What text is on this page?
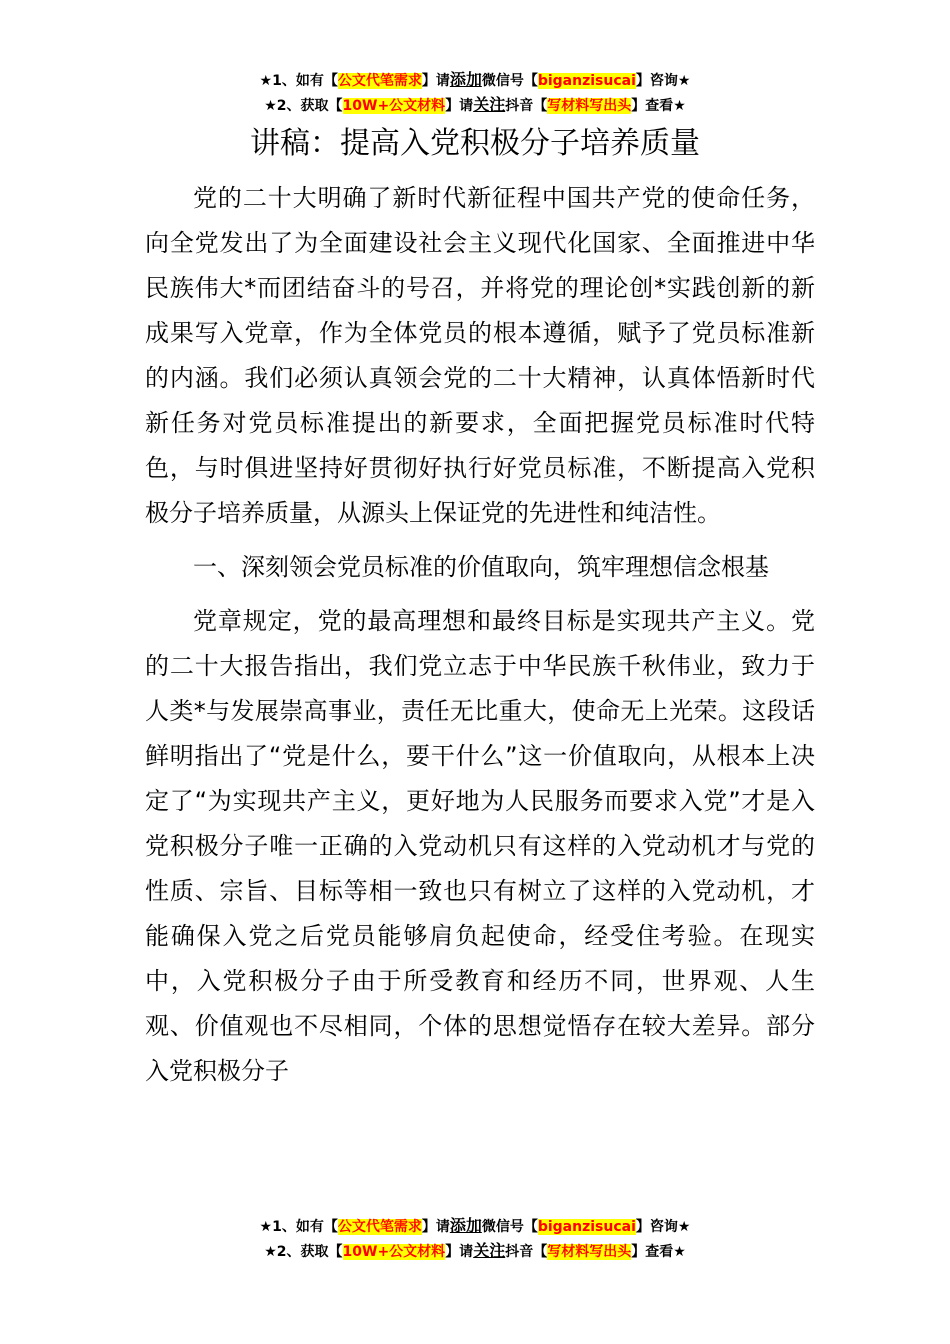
★1、如有【公文代笔需求】请添加微信号【biganzisucai】咨询★
★2、获取【10W+公文材料】请关注抖音【写材料写出头】查看★
讲稿：提高入党积极分子培养质量

党的二十大明确了新时代新征程中国共产党的使命任务，向全党发出了为全面建设社会主义现代化国家、全面推进中华民族伟大*而团结奋斗的号召，并将党的理论创*实践创新的新成果写入党章，作为全体党员的根本遵循，赋予了党员标准新的内涵。我们必须认真领会党的二十大精神，认真体悟新时代新任务对党员标准提出的新要求，全面把握党员标准时代特色，与时俱进坚持好贯彻好执行好党员标准，不断提高入党积极分子培养质量，从源头上保证党的先进性和纯洁性。

一、深刻领会党员标准的价值取向，筑牢理想信念根基

党章规定，党的最高理想和最终目标是实现共产主义。党的二十大报告指出，我们党立志于中华民族千秋伟业，致力于人类*与发展崇高事业，责任无比重大，使命无上光荣。这段话鲜明指出了“党是什么，要干什么”这一价值取向，从根本上决定了“为实现共产主义，更好地为人民服务而要求入党”才是入党积极分子唯一正确的入党动机只有这样的入党动机才与党的性质、宗旨、目标等相一致也只有树立了这样的入党动机，才能确保入党之后党员能够肩负起使命，经受住考验。在现实中，入党积极分子由于所受教育和经历不同，世界观、人生观、价值观也不尽相同，个体的思想觉悟存在较大差异。部分入党积极分子

★1、如有【公文代笔需求】请添加微信号【biganzisucai】咨询★
★2、获取【10W+公文材料】请关注抖音【写材料写出头】查看★
